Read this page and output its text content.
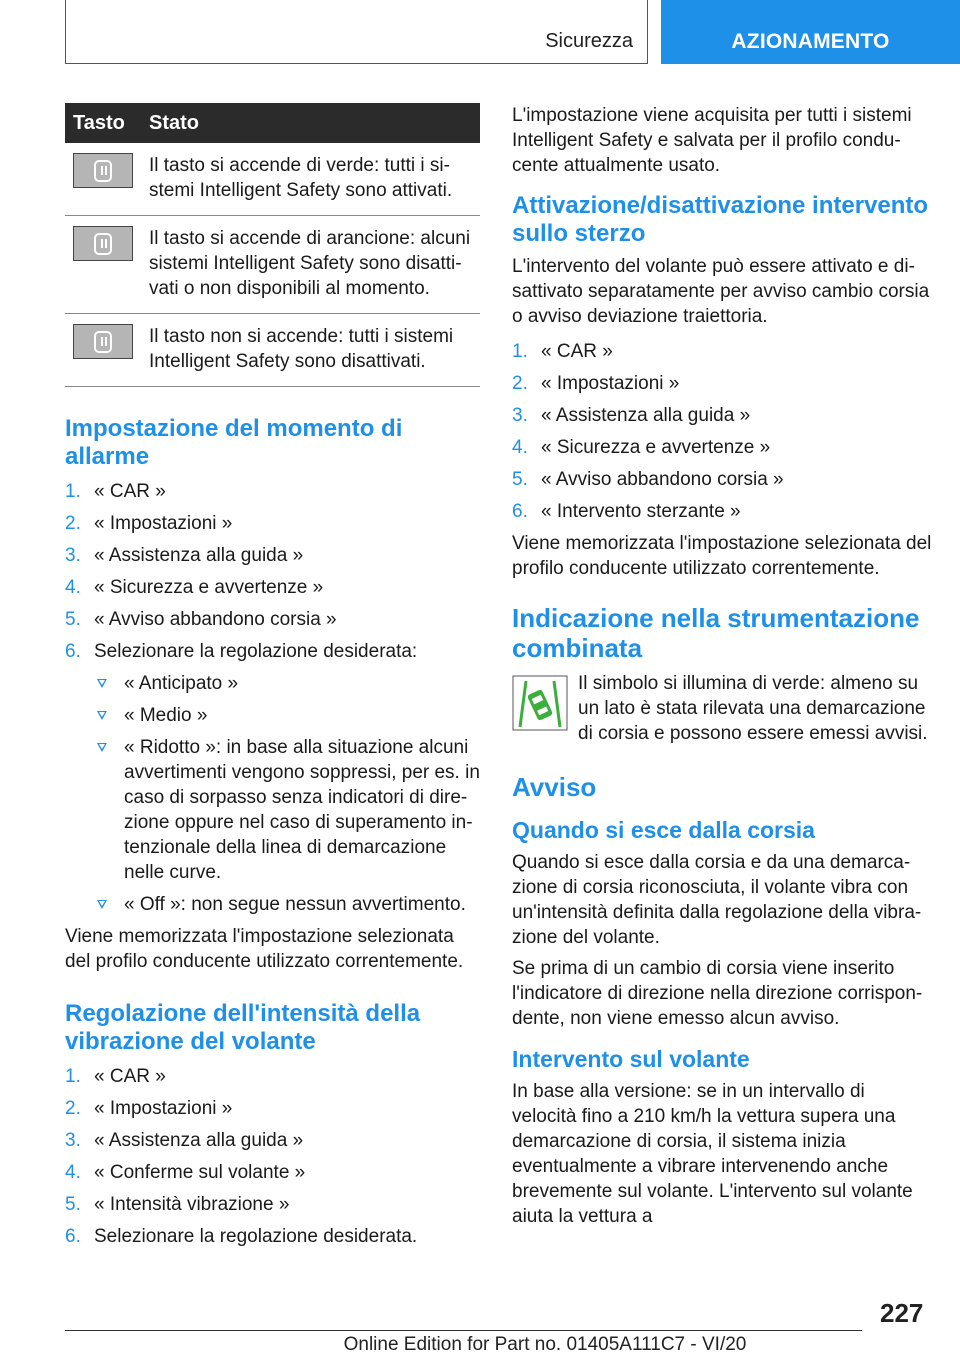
Sicurezza	AZIONAMENTO
Tasto	Stato

	Il tasto si accende di verde: tutti i sistemi Intelligent Safety sono attivati.

	Il tasto si accende di arancione: alcuni sistemi Intelligent Safety sono disattivati o non disponibili al momento.

	Il tasto non si accende: tutti i sistemi Intelligent Safety sono disattivati.
Impostazione del momento di allarme
1. « CAR »
2. « Impostazioni »
3. « Assistenza alla guida »
4. « Sicurezza e avvertenze »
5. « Avviso abbandono corsia »
6. Selezionare la regolazione desiderata:
« Anticipato »
« Medio »
« Ridotto »: in base alla situazione alcuni avvertimenti vengono soppressi, per es. in caso di sorpasso senza indicatori di direzione oppure nel caso di superamento intenzionale della linea di demarcazione nelle curve.
« Off »: non segue nessun avvertimento.

Viene memorizzata l'impostazione selezionata del profilo conducente utilizzato correntemente.

Regolazione dell'intensità della vibrazione del volante
1. « CAR »
2. « Impostazioni »
3. « Assistenza alla guida »
4. « Conferme sul volante »
5. « Intensità vibrazione »
6. Selezionare la regolazione desiderata.

L'impostazione viene acquisita per tutti i sistemi Intelligent Safety e salvata per il profilo conducente attualmente usato.

Attivazione/disattivazione intervento sullo sterzo

L'intervento del volante può essere attivato e disattivato separatamente per avviso cambio corsia o avviso deviazione traiettoria.

1. « CAR »
2. « Impostazioni »
3. « Assistenza alla guida »
4. « Sicurezza e avvertenze »
5. « Avviso abbandono corsia »
6. « Intervento sterzante »

Viene memorizzata l'impostazione selezionata del profilo conducente utilizzato correntemente.

Indicazione nella strumentazione combinata

Il simbolo si illumina di verde: almeno su un lato è stata rilevata una demarcazione di corsia e possono essere emessi avvisi.

Avviso
Quando si esce dalla corsia

Quando si esce dalla corsia e da una demarcazione di corsia riconosciuta, il volante vibra con un'intensità definita dalla regolazione della vibrazione del volante.

Se prima di un cambio di corsia viene inserito l'indicatore di direzione nella direzione corrispondente, non viene emesso alcun avviso.

Intervento sul volante

In base alla versione: se in un intervallo di velocità fino a 210 km/h la vettura supera una demarcazione di corsia, il sistema inizia eventualmente a vibrare intervenendo anche brevemente sul volante. L'intervento sul volante aiuta la vettura a

227
Online Edition for Part no. 01405A111C7 - VI/20
